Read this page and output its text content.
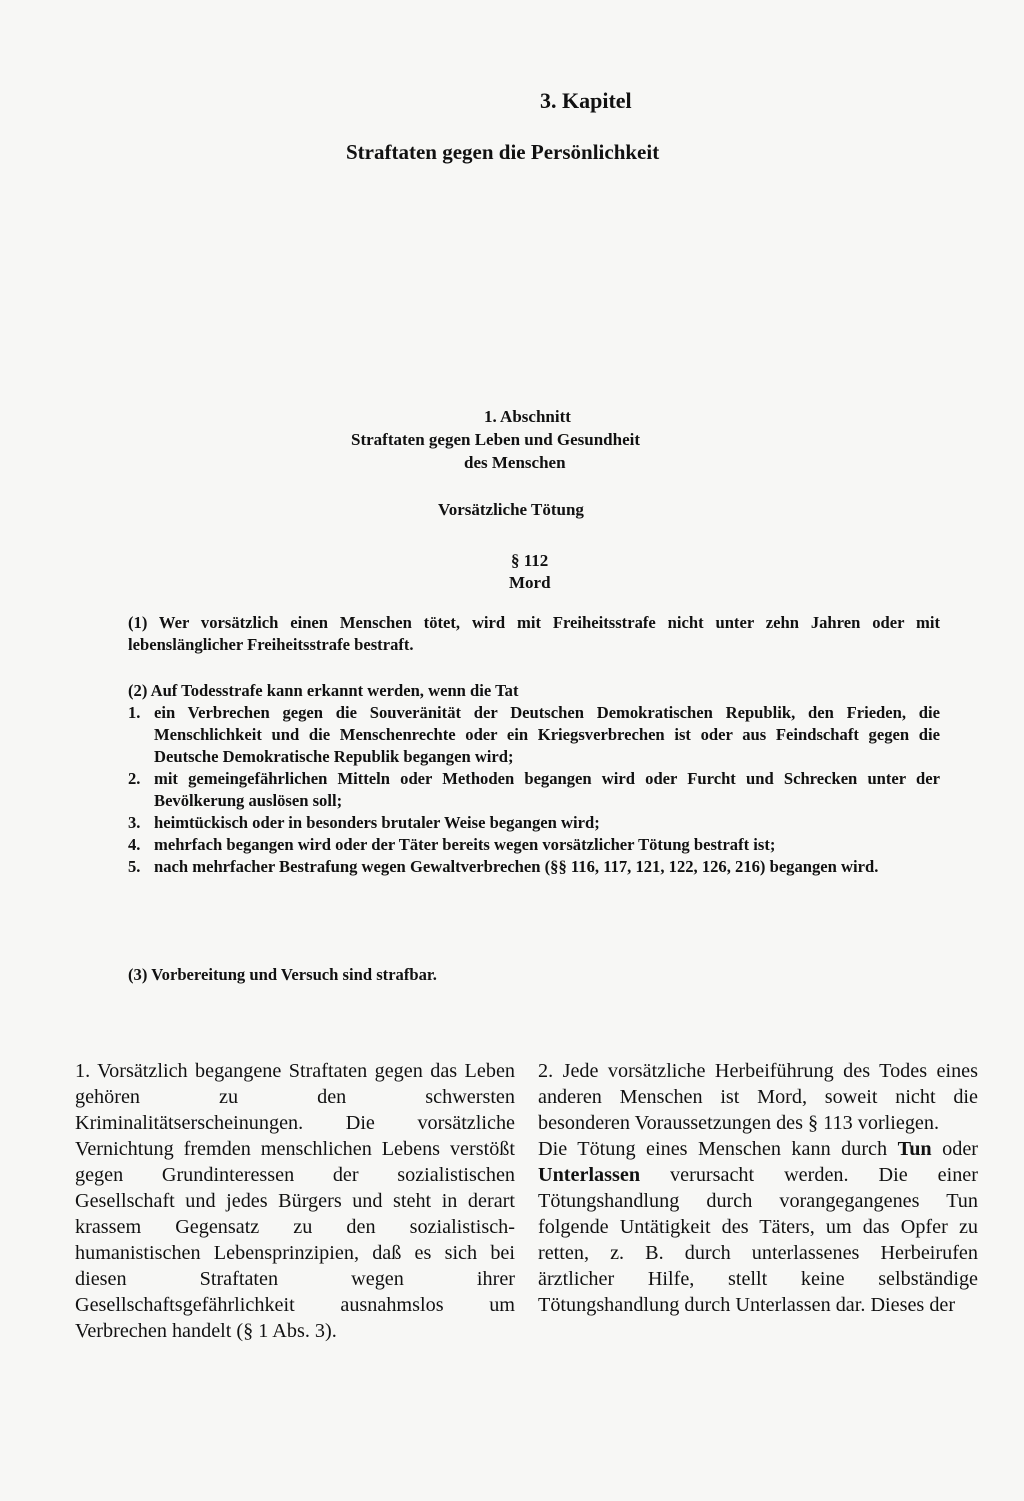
3. Kapitel
Straftaten gegen die Persönlichkeit
1. Abschnitt
Straftaten gegen Leben und Gesundheit
des Menschen
Vorsätzliche Tötung
§ 112
Mord
(1) Wer vorsätzlich einen Menschen tötet, wird mit Freiheitsstrafe nicht unter zehn Jahren oder mit lebenslänglicher Freiheitsstrafe bestraft.
(2) Auf Todesstrafe kann erkannt werden, wenn die Tat
1. ein Verbrechen gegen die Souveränität der Deutschen Demokratischen Republik, den Frieden, die Menschlichkeit und die Menschenrechte oder ein Kriegsverbrechen ist oder aus Feindschaft gegen die Deutsche Demokratische Republik begangen wird;
2. mit gemeingefährlichen Mitteln oder Methoden begangen wird oder Furcht und Schrecken unter der Bevölkerung auslösen soll;
3. heimtückisch oder in besonders brutaler Weise begangen wird;
4. mehrfach begangen wird oder der Täter bereits wegen vorsätzlicher Tötung bestraft ist;
5. nach mehrfacher Bestrafung wegen Gewaltverbrechen (§§ 116, 117, 121, 122, 126, 216) begangen wird.
(3) Vorbereitung und Versuch sind strafbar.

1. Vorsätzlich begangene Straftaten gegen das Leben gehören zu den schwersten Kriminalitätserscheinungen. Die vorsätzliche Vernichtung fremden menschlichen Lebens verstößt gegen Grundinteressen der sozialistischen Gesellschaft und jedes Bürgers und steht in derart krassem Gegensatz zu den sozialistisch-humanistischen Lebensprinzipien, daß es sich bei diesen Straftaten wegen ihrer Gesellschaftsgefährlichkeit ausnahmslos um Verbrechen handelt (§ 1 Abs. 3).

2. Jede vorsätzliche Herbeiführung des Todes eines anderen Menschen ist Mord, soweit nicht die besonderen Voraussetzungen des § 113 vorliegen.

Die Tötung eines Menschen kann durch Tun oder Unterlassen verursacht werden. Die einer Tötungshandlung durch vorangegangenes Tun folgende Untätigkeit des Täters, um das Opfer zu retten, z. B. durch unterlassenes Herbeirufen ärztlicher Hilfe, stellt keine selbständige Tötungshandlung durch Unterlassen dar. Dieses der
